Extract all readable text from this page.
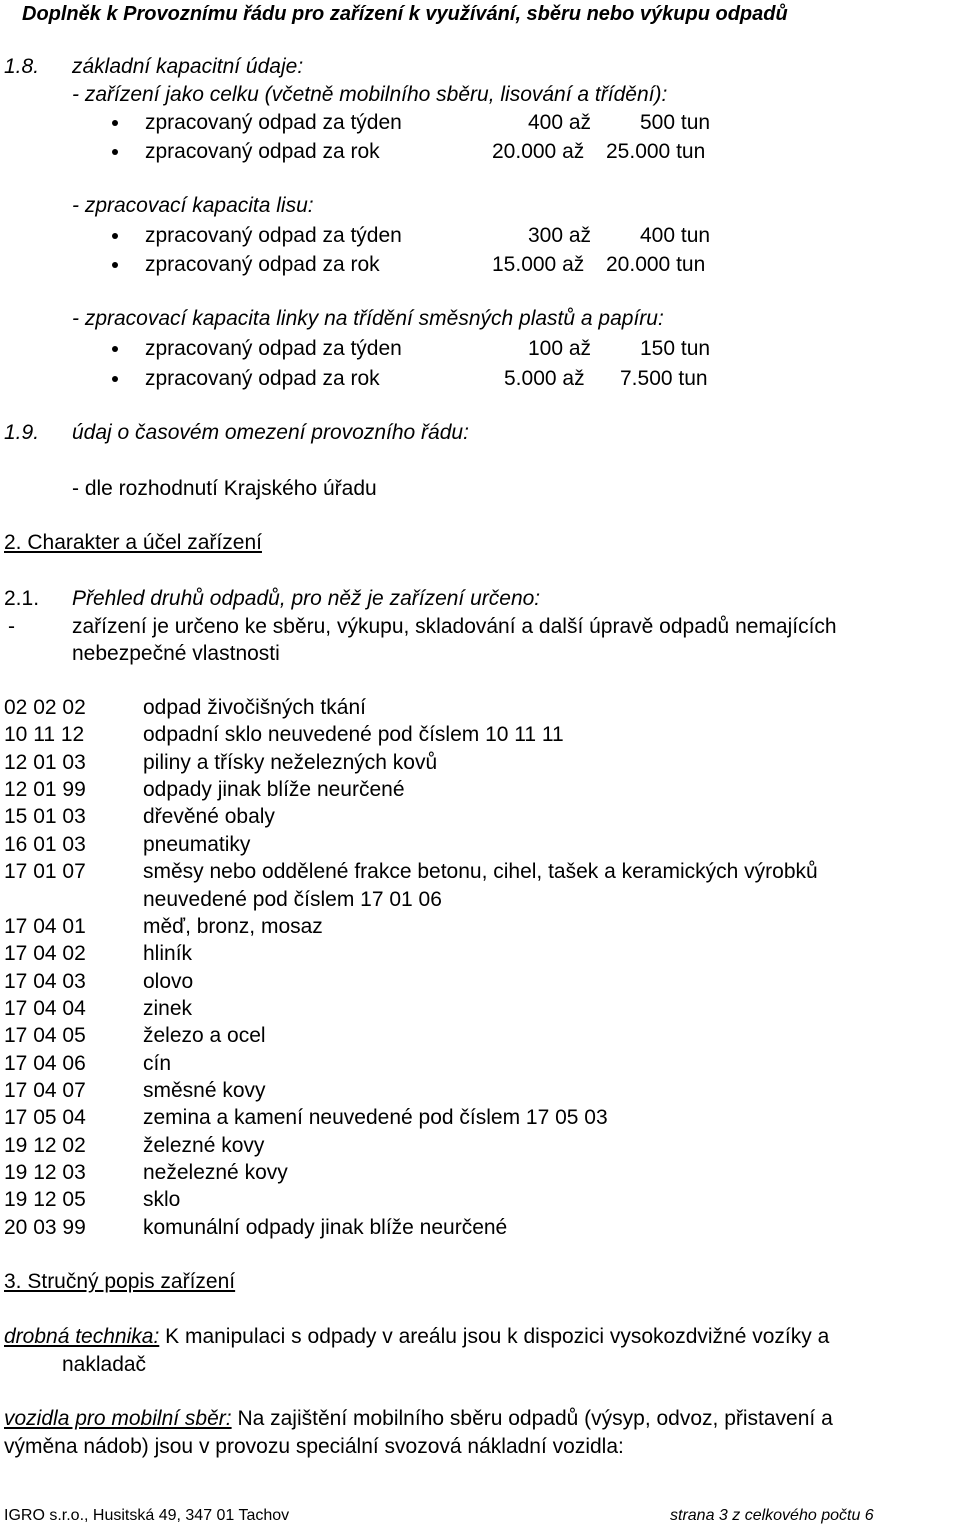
Doplněk k Provoznímu řádu pro zařízení k využívání, sběru nebo výkupu odpadů
1.8. základní kapacitní údaje:
- zařízení jako celku (včetně mobilního sběru, lisování a třídění):
zpracovaný odpad za týden	400 až 500 tun
zpracovaný odpad za rok	20.000 až 25.000 tun
- zpracovací kapacita lisu:
zpracovaný odpad za týden	300 až 400 tun
zpracovaný odpad za rok	15.000 až 20.000 tun
- zpracovací kapacita linky na třídění směsných plastů a papíru:
zpracovaný odpad za týden	100 až 150 tun
zpracovaný odpad za rok	5.000 až 7.500 tun
1.9. údaj o časovém omezení provozního řádu:
- dle rozhodnutí Krajského úřadu
2. Charakter a účel zařízení
2.1. Přehled druhů odpadů, pro něž je zařízení určeno:
-	zařízení je určeno ke sběru, výkupu, skladování a další úpravě odpadů nemajících
nebezpečné vlastnosti
02 02 02	odpad živočišných tkání
10 11 12	odpadní sklo neuvedené pod číslem 10 11 11
12 01 03	piliny a třísky neželezných kovů
12 01 99	odpady jinak blíže neurčené
15 01 03	dřevěné obaly
16 01 03	pneumatiky
17 01 07	směsy nebo oddělené frakce betonu, cihel, tašek a keramických výrobků
neuvedené pod číslem 17 01 06
17 04 01	měď, bronz, mosaz
17 04 02	hliník
17 04 03	olovo
17 04 04	zinek
17 04 05	železo a ocel
17 04 06	cín
17 04 07	směsné kovy
17 05 04	zemina a kamení neuvedené pod číslem 17 05 03
19 12 02	železné kovy
19 12 03	neželezné kovy
19 12 05	sklo
20 03 99	komunální odpady jinak blíže neurčené
3. Stručný popis zařízení
drobná technika: K manipulaci s odpady v areálu jsou k dispozici vysokozdvižné vozíky a
nakladač
vozidla pro mobilní sběr: Na zajištění mobilního sběru odpadů (výsyp, odvoz, přistavení a
výměna nádob) jsou v provozu speciální svozová nákladní vozidla:
IGRO s.r.o., Husitská 49, 347 01 Tachov	strana 3 z celkového počtu 6
